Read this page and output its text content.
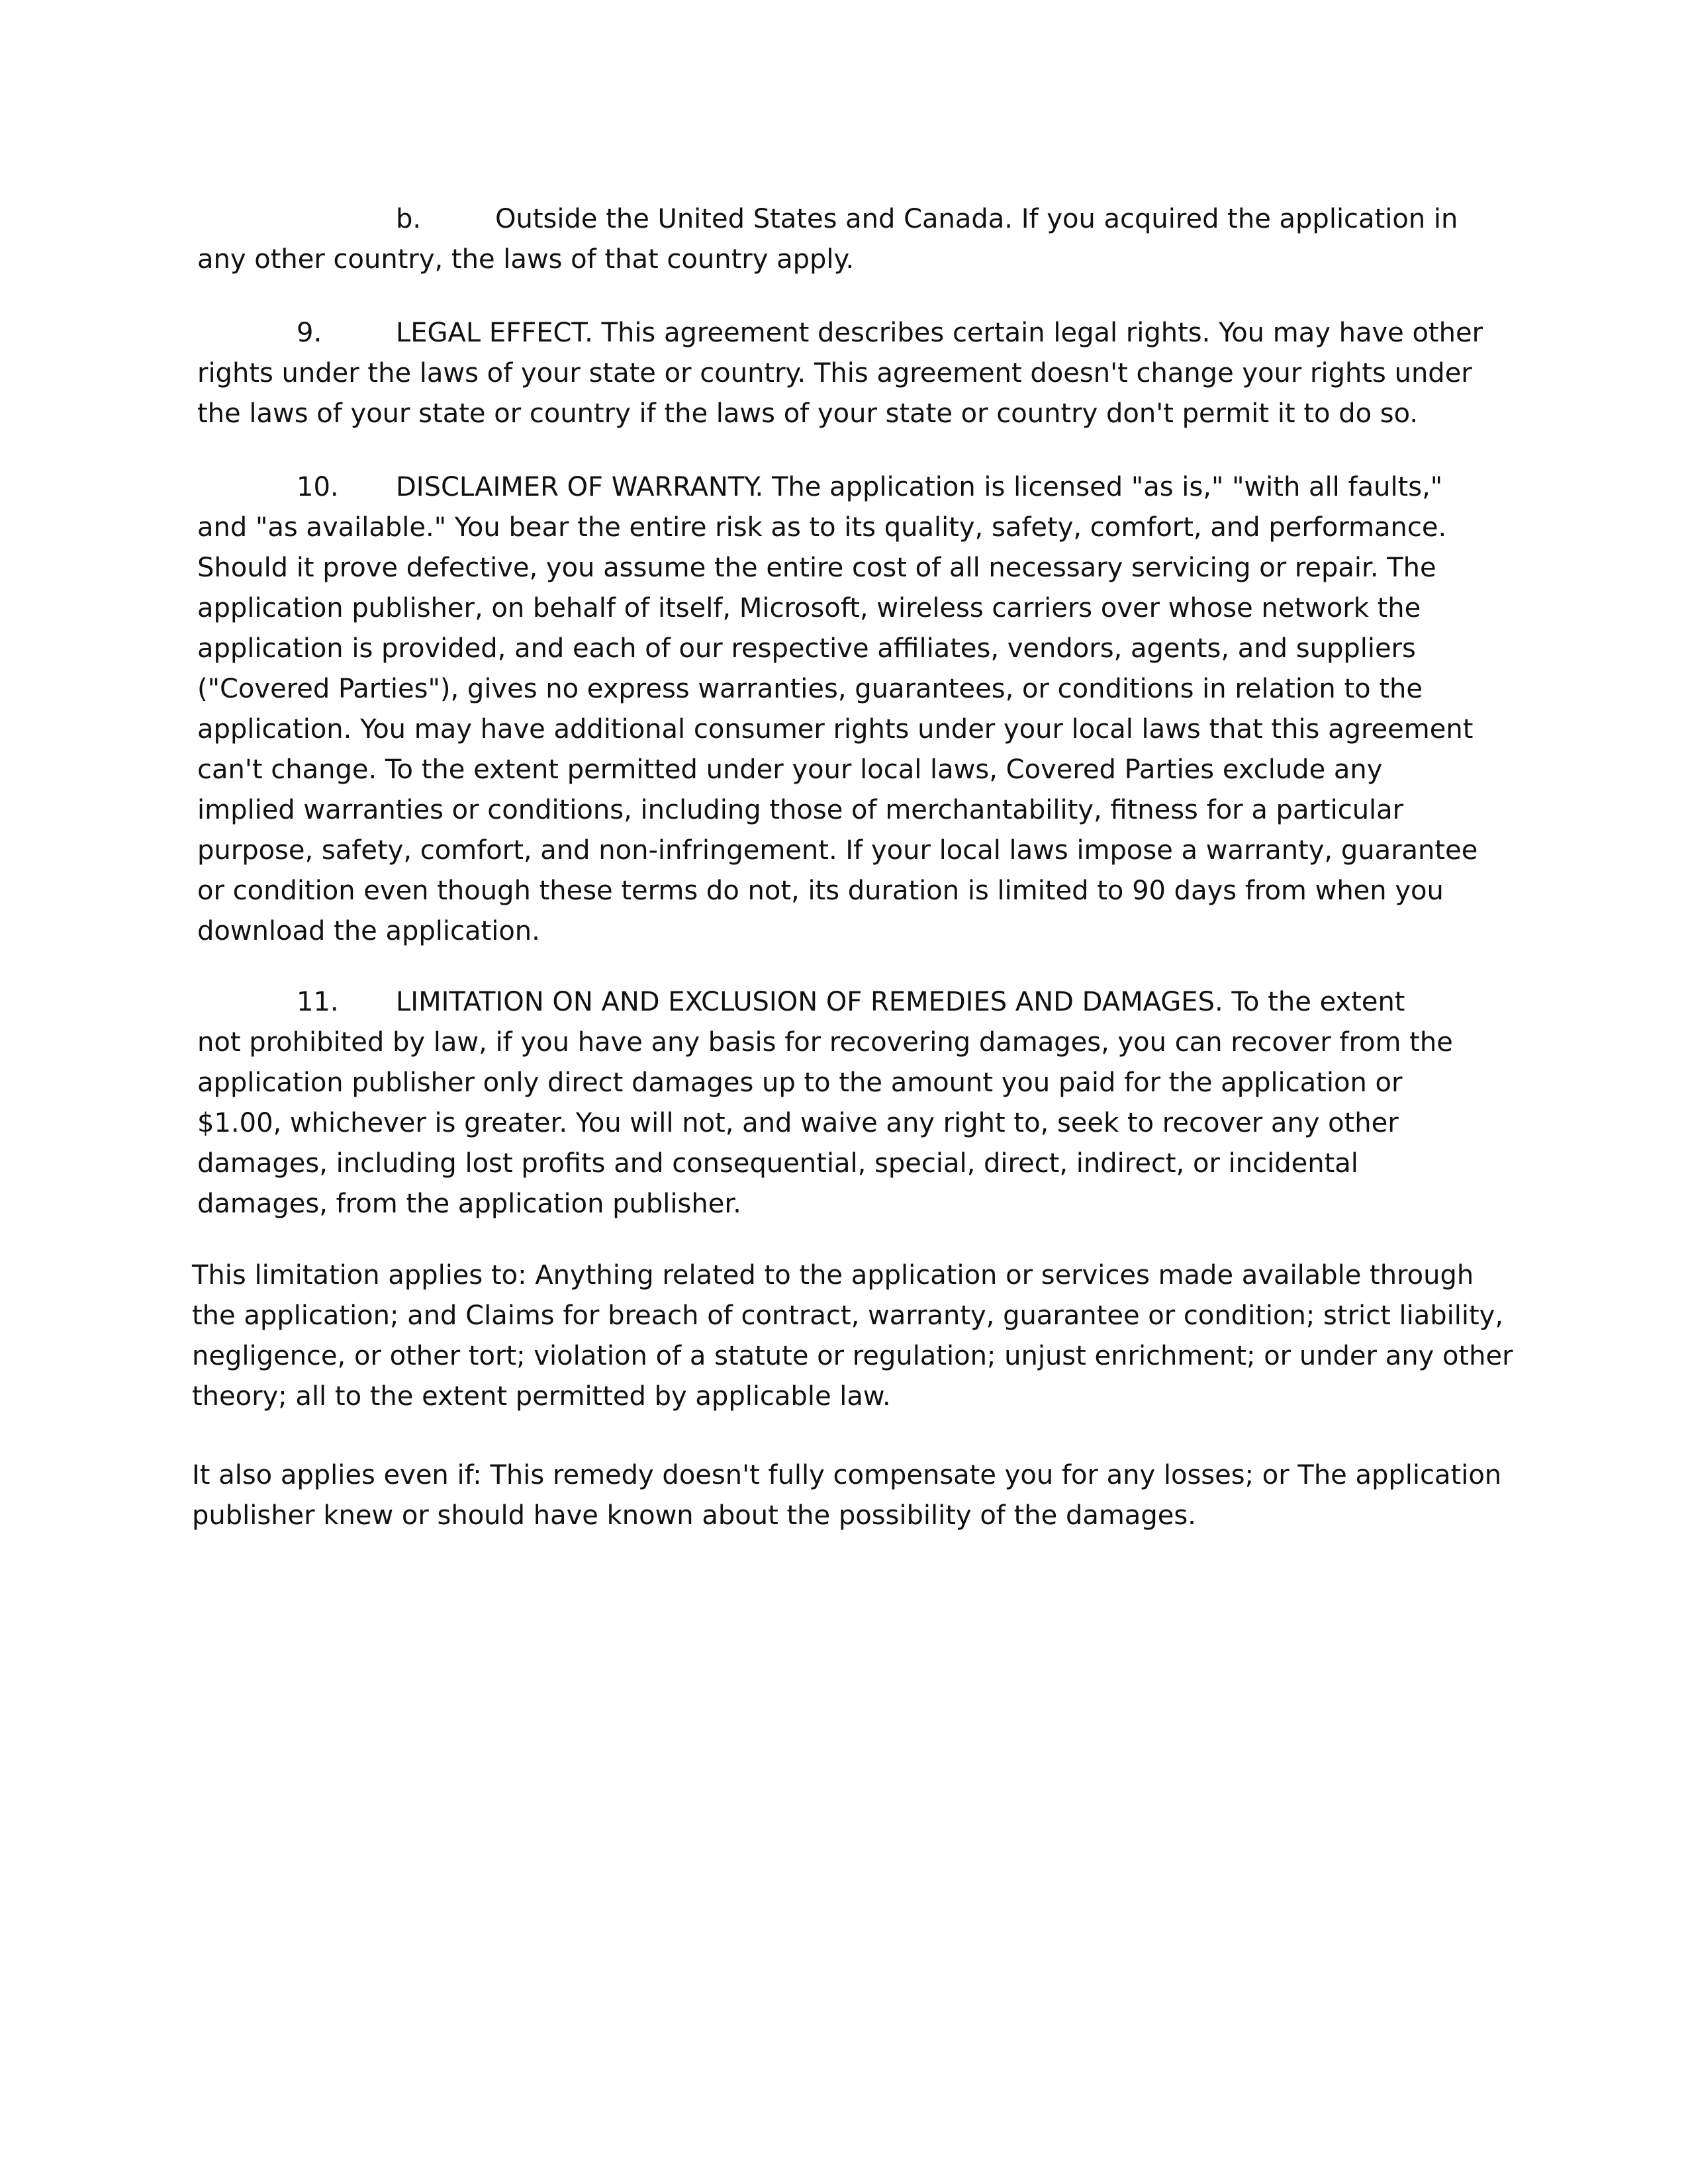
b.	Outside the United States and Canada. If you acquired the application in
any other country, the laws of that country apply.
9.	LEGAL EFFECT. This agreement describes certain legal rights. You may have other
rights under the laws of your state or country. This agreement doesn't change your rights under
the laws of your state or country if the laws of your state or country don't permit it to do so.
10. DISCLAIMER OF WARRANTY. The application is licensed "as is," "with all faults,"
and "as available." You bear the entire risk as to its quality, safety, comfort, and performance.
Should it prove defective, you assume the entire cost of all necessary servicing or repair. The
application publisher, on behalf of itself, Microsoft, wireless carriers over whose network the
application is provided, and each of our respective affiliates, vendors, agents, and suppliers
("Covered Parties"), gives no express warranties, guarantees, or conditions in relation to the
application. You may have additional consumer rights under your local laws that this agreement
can't change. To the extent permitted under your local laws, Covered Parties exclude any
implied warranties or conditions, including those of merchantability, fitness for a particular
purpose, safety, comfort, and non-infringement. If your local laws impose a warranty, guarantee
or condition even though these terms do not, its duration is limited to 90 days from when you
download the application.
11. LIMITATION ON AND EXCLUSION OF REMEDIES AND DAMAGES. To the extent
not prohibited by law, if you have any basis for recovering damages, you can recover from the
application publisher only direct damages up to the amount you paid for the application or
$1.00, whichever is greater. You will not, and waive any right to, seek to recover any other
damages, including lost profits and consequential, special, direct, indirect, or incidental
damages, from the application publisher.
This limitation applies to: Anything related to the application or services made available through
the application; and Claims for breach of contract, warranty, guarantee or condition; strict liability,
negligence, or other tort; violation of a statute or regulation; unjust enrichment; or under any other
theory; all to the extent permitted by applicable law.
It also applies even if: This remedy doesn't fully compensate you for any losses; or The application
publisher knew or should have known about the possibility of the damages.
